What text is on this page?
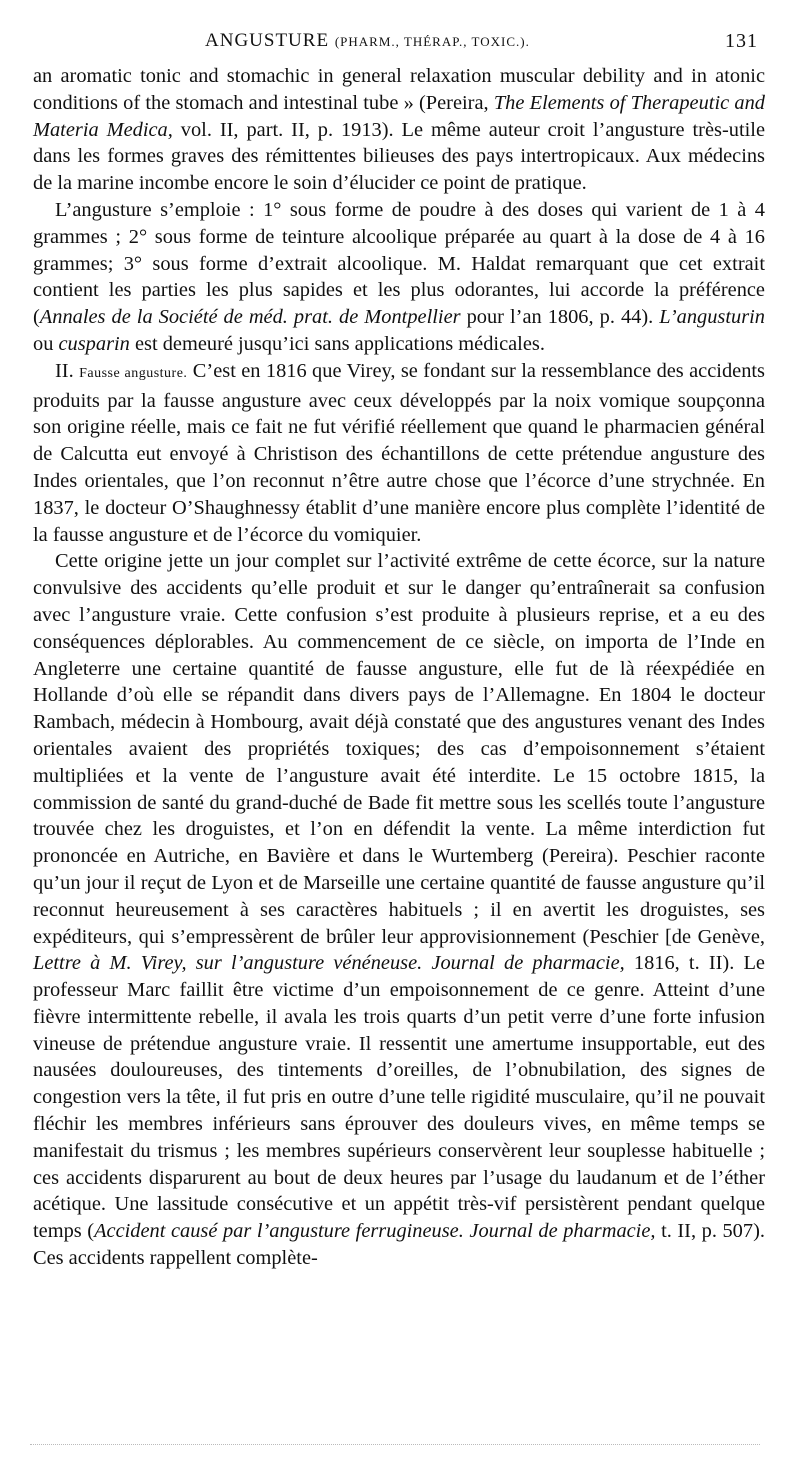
ANGUSTURE (PHARM., THÉRAP., TOXIC.).	131

an aromatic tonic and stomachic in general relaxation muscular debility and in atonic conditions of the stomach and intestinal tube » (Pereira, The Elements of Therapeutic and Materia Medica, vol. II, part. II, p. 1913). Le même auteur croit l’angusture très-utile dans les formes graves des rémittentes bilieuses des pays intertropicaux. Aux médecins de la marine incombe encore le soin d’élucider ce point de pratique.

L’angusture s’emploie : 1° sous forme de poudre à des doses qui varient de 1 à 4 grammes ; 2° sous forme de teinture alcoolique préparée au quart à la dose de 4 à 16 grammes; 3° sous forme d’extrait alcoolique. M. Haldat remarquant que cet extrait contient les parties les plus sapides et les plus odorantes, lui accorde la préférence (Annales de la Société de méd. prat. de Montpellier pour l’an 1806, p. 44). L’angusturin ou cusparin est demeuré jusqu’ici sans applications médicales.

II. Fausse angusture. C’est en 1816 que Virey, se fondant sur la ressemblance des accidents produits par la fausse angusture avec ceux développés par la noix vomique soupçonna son origine réelle, mais ce fait ne fut vérifié réellement que quand le pharmacien général de Calcutta eut envoyé à Christison des échantillons de cette prétendue angusture des Indes orientales, que l’on reconnut n’être autre chose que l’écorce d’une strychnée. En 1837, le docteur O’Shaughnessy établit d’une manière encore plus complète l’identité de la fausse angusture et de l’écorce du vomiquier.

Cette origine jette un jour complet sur l’activité extrême de cette écorce, sur la nature convulsive des accidents qu’elle produit et sur le danger qu’entraînerait sa confusion avec l’angusture vraie. Cette confusion s’est produite à plusieurs reprise, et a eu des conséquences déplorables. Au commencement de ce siècle, on importa de l’Inde en Angleterre une certaine quantité de fausse angusture, elle fut de là réexpédiée en Hollande d’où elle se répandit dans divers pays de l’Allemagne. En 1804 le docteur Rambach, médecin à Hombourg, avait déjà constaté que des angustures venant des Indes orientales avaient des propriétés toxiques; des cas d’empoisonnement s’étaient multipliées et la vente de l’angusture avait été interdite. Le 15 octobre 1815, la commission de santé du grand-duché de Bade fit mettre sous les scellés toute l’angusture trouvée chez les droguistes, et l’on en défendit la vente. La même interdiction fut prononcée en Autriche, en Bavière et dans le Wurtemberg (Pereira). Peschier raconte qu’un jour il reçut de Lyon et de Marseille une certaine quantité de fausse angusture qu’il reconnut heureusement à ses caractères habituels ; il en avertit les droguistes, ses expéditeurs, qui s’empressèrent de brûler leur approvisionnement (Peschier [de Genève, Lettre à M. Virey, sur l’angusture vénéneuse. Journal de pharmacie, 1816, t. II). Le professeur Marc faillit être victime d’un empoisonnement de ce genre. Atteint d’une fièvre intermittente rebelle, il avala les trois quarts d’un petit verre d’une forte infusion vineuse de prétendue angusture vraie. Il ressentit une amertume insupportable, eut des nausées douloureuses, des tintements d’oreilles, de l’obnubilation, des signes de congestion vers la tête, il fut pris en outre d’une telle rigidité musculaire, qu’il ne pouvait fléchir les membres inférieurs sans éprouver des douleurs vives, en même temps se manifestait du trismus ; les membres supérieurs conservèrent leur souplesse habituelle ; ces accidents disparurent au bout de deux heures par l’usage du laudanum et de l’éther acétique. Une lassitude consécutive et un appétit très-vif persistèrent pendant quelque temps (Accident causé par l’angusture ferrugineuse. Journal de pharmacie, t. II, p. 507). Ces accidents rappellent complète-
